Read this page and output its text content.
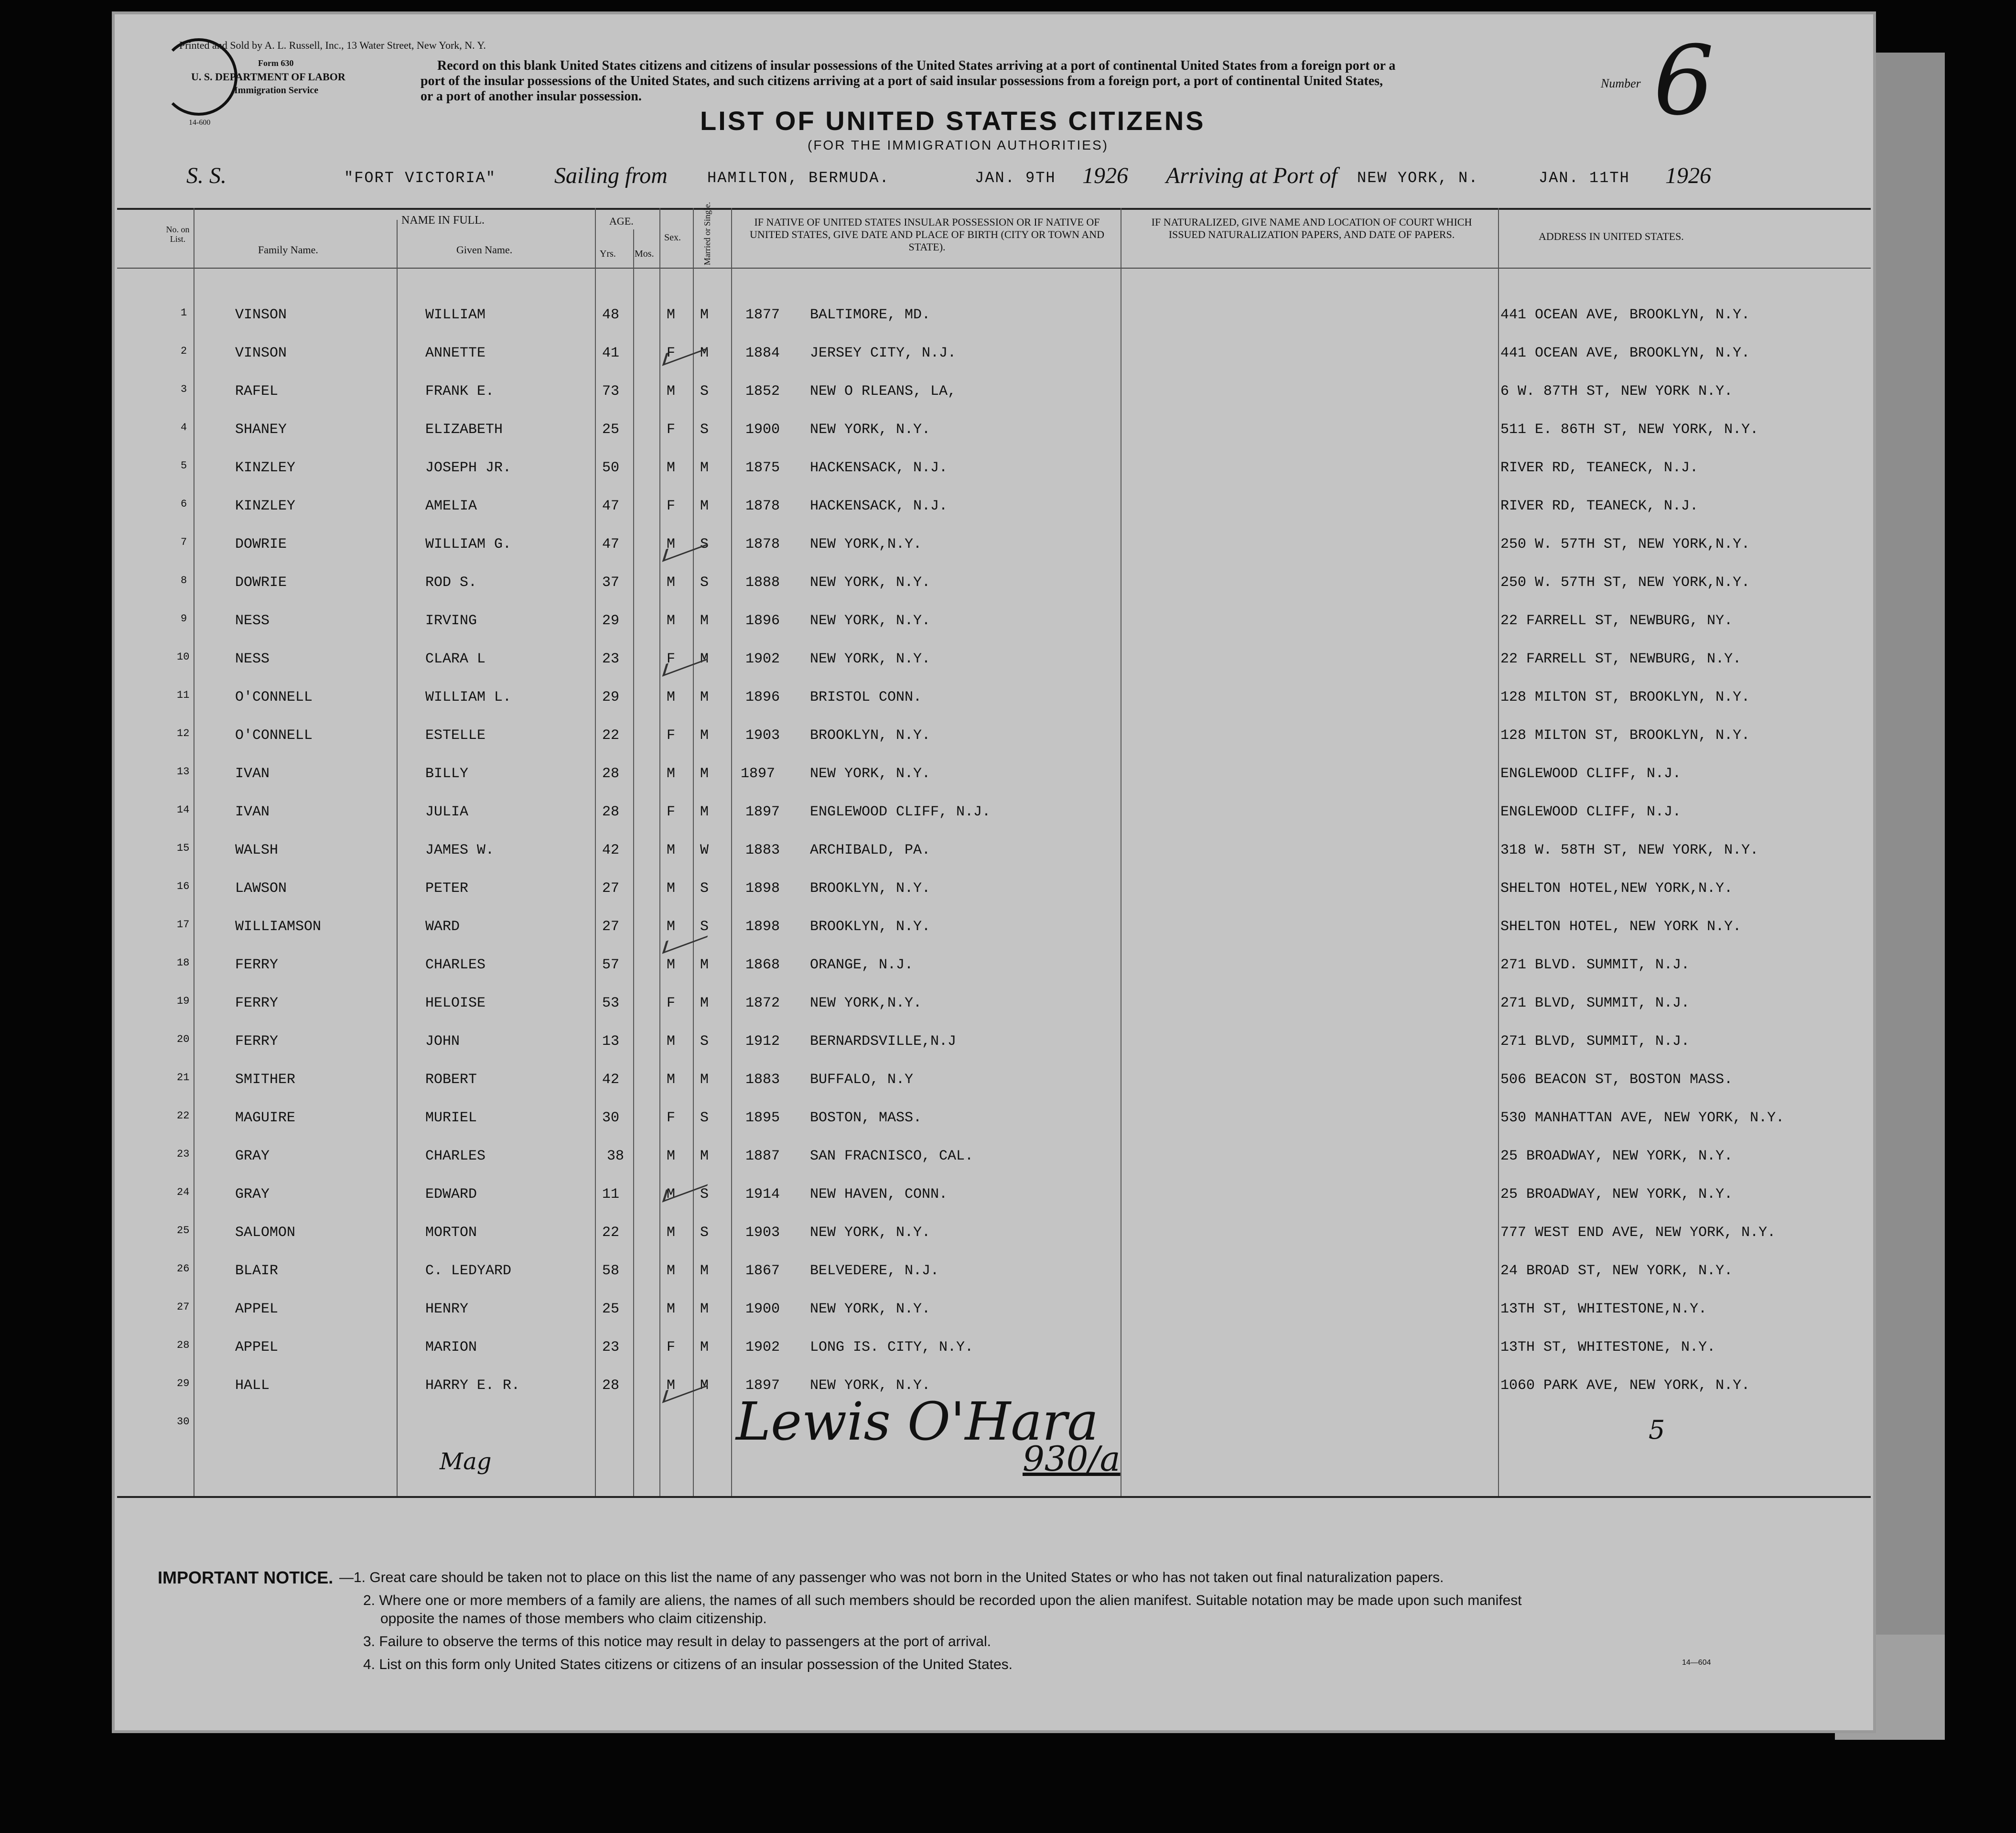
Printed and Sold by A. L. Russell, Inc., 13 Water Street, New York, N. Y.
Form 630
U. S. DEPARTMENT OF LABOR
Immigration Service
14-600
Record on this blank United States citizens and citizens of insular possessions of the United States arriving at a port of continental United States from a foreign port or a
port of the insular possessions of the United States, and such citizens arriving at a port of said insular possessions from a foreign port, a port of continental United States,
or a port of another insular possession.
Number 6
LIST OF UNITED STATES CITIZENS
(FOR THE IMMIGRATION AUTHORITIES)
S. S.	"FORT VICTORIA"	Sailing from	HAMILTON, BERMUDA.	JAN. 9TH 1926 Arriving at Port of NEW YORK, N.	JAN. 11TH 1926
No. on List.
NAME IN FULL.
Family Name.	Given Name.
AGE.
Yrs. Mos.
Sex.	Married or Single.	IF NATIVE OF UNITED STATES INSULAR POSSESSION OR IF NATIVE OF UNITED STATES, GIVE DATE AND PLACE OF BIRTH (CITY OR TOWN AND STATE).
IF NATURALIZED, GIVE NAME AND LOCATION OF COURT WHICH ISSUED NATURALIZATION PAPERS, AND DATE OF PAPERS.	ADDRESS IN UNITED STATES.
1	VINSON	WILLIAM	48	M M	1877 BALTIMORE, MD.	441 OCEAN AVE, BROOKLYN, N.Y.
2	VINSON	ANNETTE	41	F M	1884 JERSEY CITY, N.J.	441 OCEAN AVE, BROOKLYN, N.Y.
3	RAFEL	FRANK E.	73	M S	1852 NEW O RLEANS, LA,	6 W. 87TH ST, NEW YORK N.Y.
4	SHANEY	ELIZABETH	25	F S	1900 NEW YORK, N.Y.	511 E. 86TH ST, NEW YORK, N.Y.
5	KINZLEY	JOSEPH JR.	50	M M	1875 HACKENSACK, N.J.	RIVER RD, TEANECK, N.J.
6	KINZLEY	AMELIA	47	F M	1878 HACKENSACK, N.J.	RIVER RD, TEANECK, N.J.
7	DOWRIE	WILLIAM G.	47	M S	1878 NEW YORK,N.Y.	250 W. 57TH ST, NEW YORK,N.Y.
8	DOWRIE	ROD S.	37	M S	1888 NEW YORK, N.Y.	250 W. 57TH ST, NEW YORK,N.Y.
9	NESS	IRVING	29	M M	1896 NEW YORK, N.Y.	22 FARRELL ST, NEWBURG, NY.
10	NESS	CLARA L	23	F M	1902 NEW YORK, N.Y.	22 FARRELL ST, NEWBURG, N.Y.
11	O'CONNELL	WILLIAM L.	29	M M	1896 BRISTOL CONN.	128 MILTON ST, BROOKLYN, N.Y.
12	O'CONNELL	ESTELLE	22	F M	1903 BROOKLYN, N.Y.	128 MILTON ST, BROOKLYN, N.Y.
13	IVAN	BILLY	28	M M 1897 NEW YORK, N.Y.	ENGLEWOOD CLIFF, N.J.
14	IVAN	JULIA	28	F M	1897 ENGLEWOOD CLIFF, N.J.	ENGLEWOOD CLIFF, N.J.
15	WALSH	JAMES W.	42	M W	1883 ARCHIBALD, PA.	318 W. 58TH ST, NEW YORK, N.Y.
16	LAWSON	PETER	27	M S	1898 BROOKLYN, N.Y.	SHELTON HOTEL,NEW YORK,N.Y.
17	WILLIAMSON	WARD	27	M S	1898 BROOKLYN, N.Y.	SHELTON HOTEL, NEW YORK N.Y.
18	FERRY	CHARLES	57	M M	1868 ORANGE, N.J.	271 BLVD. SUMMIT, N.J.
19	FERRY	HELOISE	53	F M	1872 NEW YORK,N.Y.	271 BLVD, SUMMIT, N.J.
20	FERRY	JOHN	13	M S	1912 BERNARDSVILLE,N.J	271 BLVD, SUMMIT, N.J.
21	SMITHER	ROBERT	42	M M	1883 BUFFALO, N.Y	506 BEACON ST, BOSTON MASS.
22	MAGUIRE	MURIEL	30	F S	1895 BOSTON, MASS.	530 MANHATTAN AVE, NEW YORK, N.Y.
23	GRAY	CHARLES	38	M M	1887 SAN FRACNISCO, CAL.	25 BROADWAY, NEW YORK, N.Y.
24	GRAY	EDWARD	11	M S	1914 NEW HAVEN, CONN.	25 BROADWAY, NEW YORK, N.Y.
25	SALOMON	MORTON	22	M S	1903 NEW YORK, N.Y.	777 WEST END AVE, NEW YORK, N.Y.
26	BLAIR	C. LEDYARD	58	M M	1867 BELVEDERE, N.J.	24 BROAD ST, NEW YORK, N.Y.
27	APPEL	HENRY	25	M M	1900 NEW YORK, N.Y.	13TH ST, WHITESTONE,N.Y.
28	APPEL	MARION	23	F M	1902 LONG IS. CITY, N.Y.	13TH ST, WHITESTONE, N.Y.
29	HALL	HARRY E. R.	28	M M	1897 NEW YORK, N.Y.	1060 PARK AVE, NEW YORK, N.Y.
30	Lewis O'Hara
930/a
5
Mag
IMPORTANT NOTICE. —1. Great care should be taken not to place on this list the name of any passenger who was not born in the United States or who has not taken out final naturalization papers.
2. Where one or more members of a family are aliens, the names of all such members should be recorded upon the alien manifest. Suitable notation may be made upon such manifest
opposite the names of those members who claim citizenship.
3. Failure to observe the terms of this notice may result in delay to passengers at the port of arrival.
4. List on this form only United States citizens or citizens of an insular possession of the United States.	14—604
